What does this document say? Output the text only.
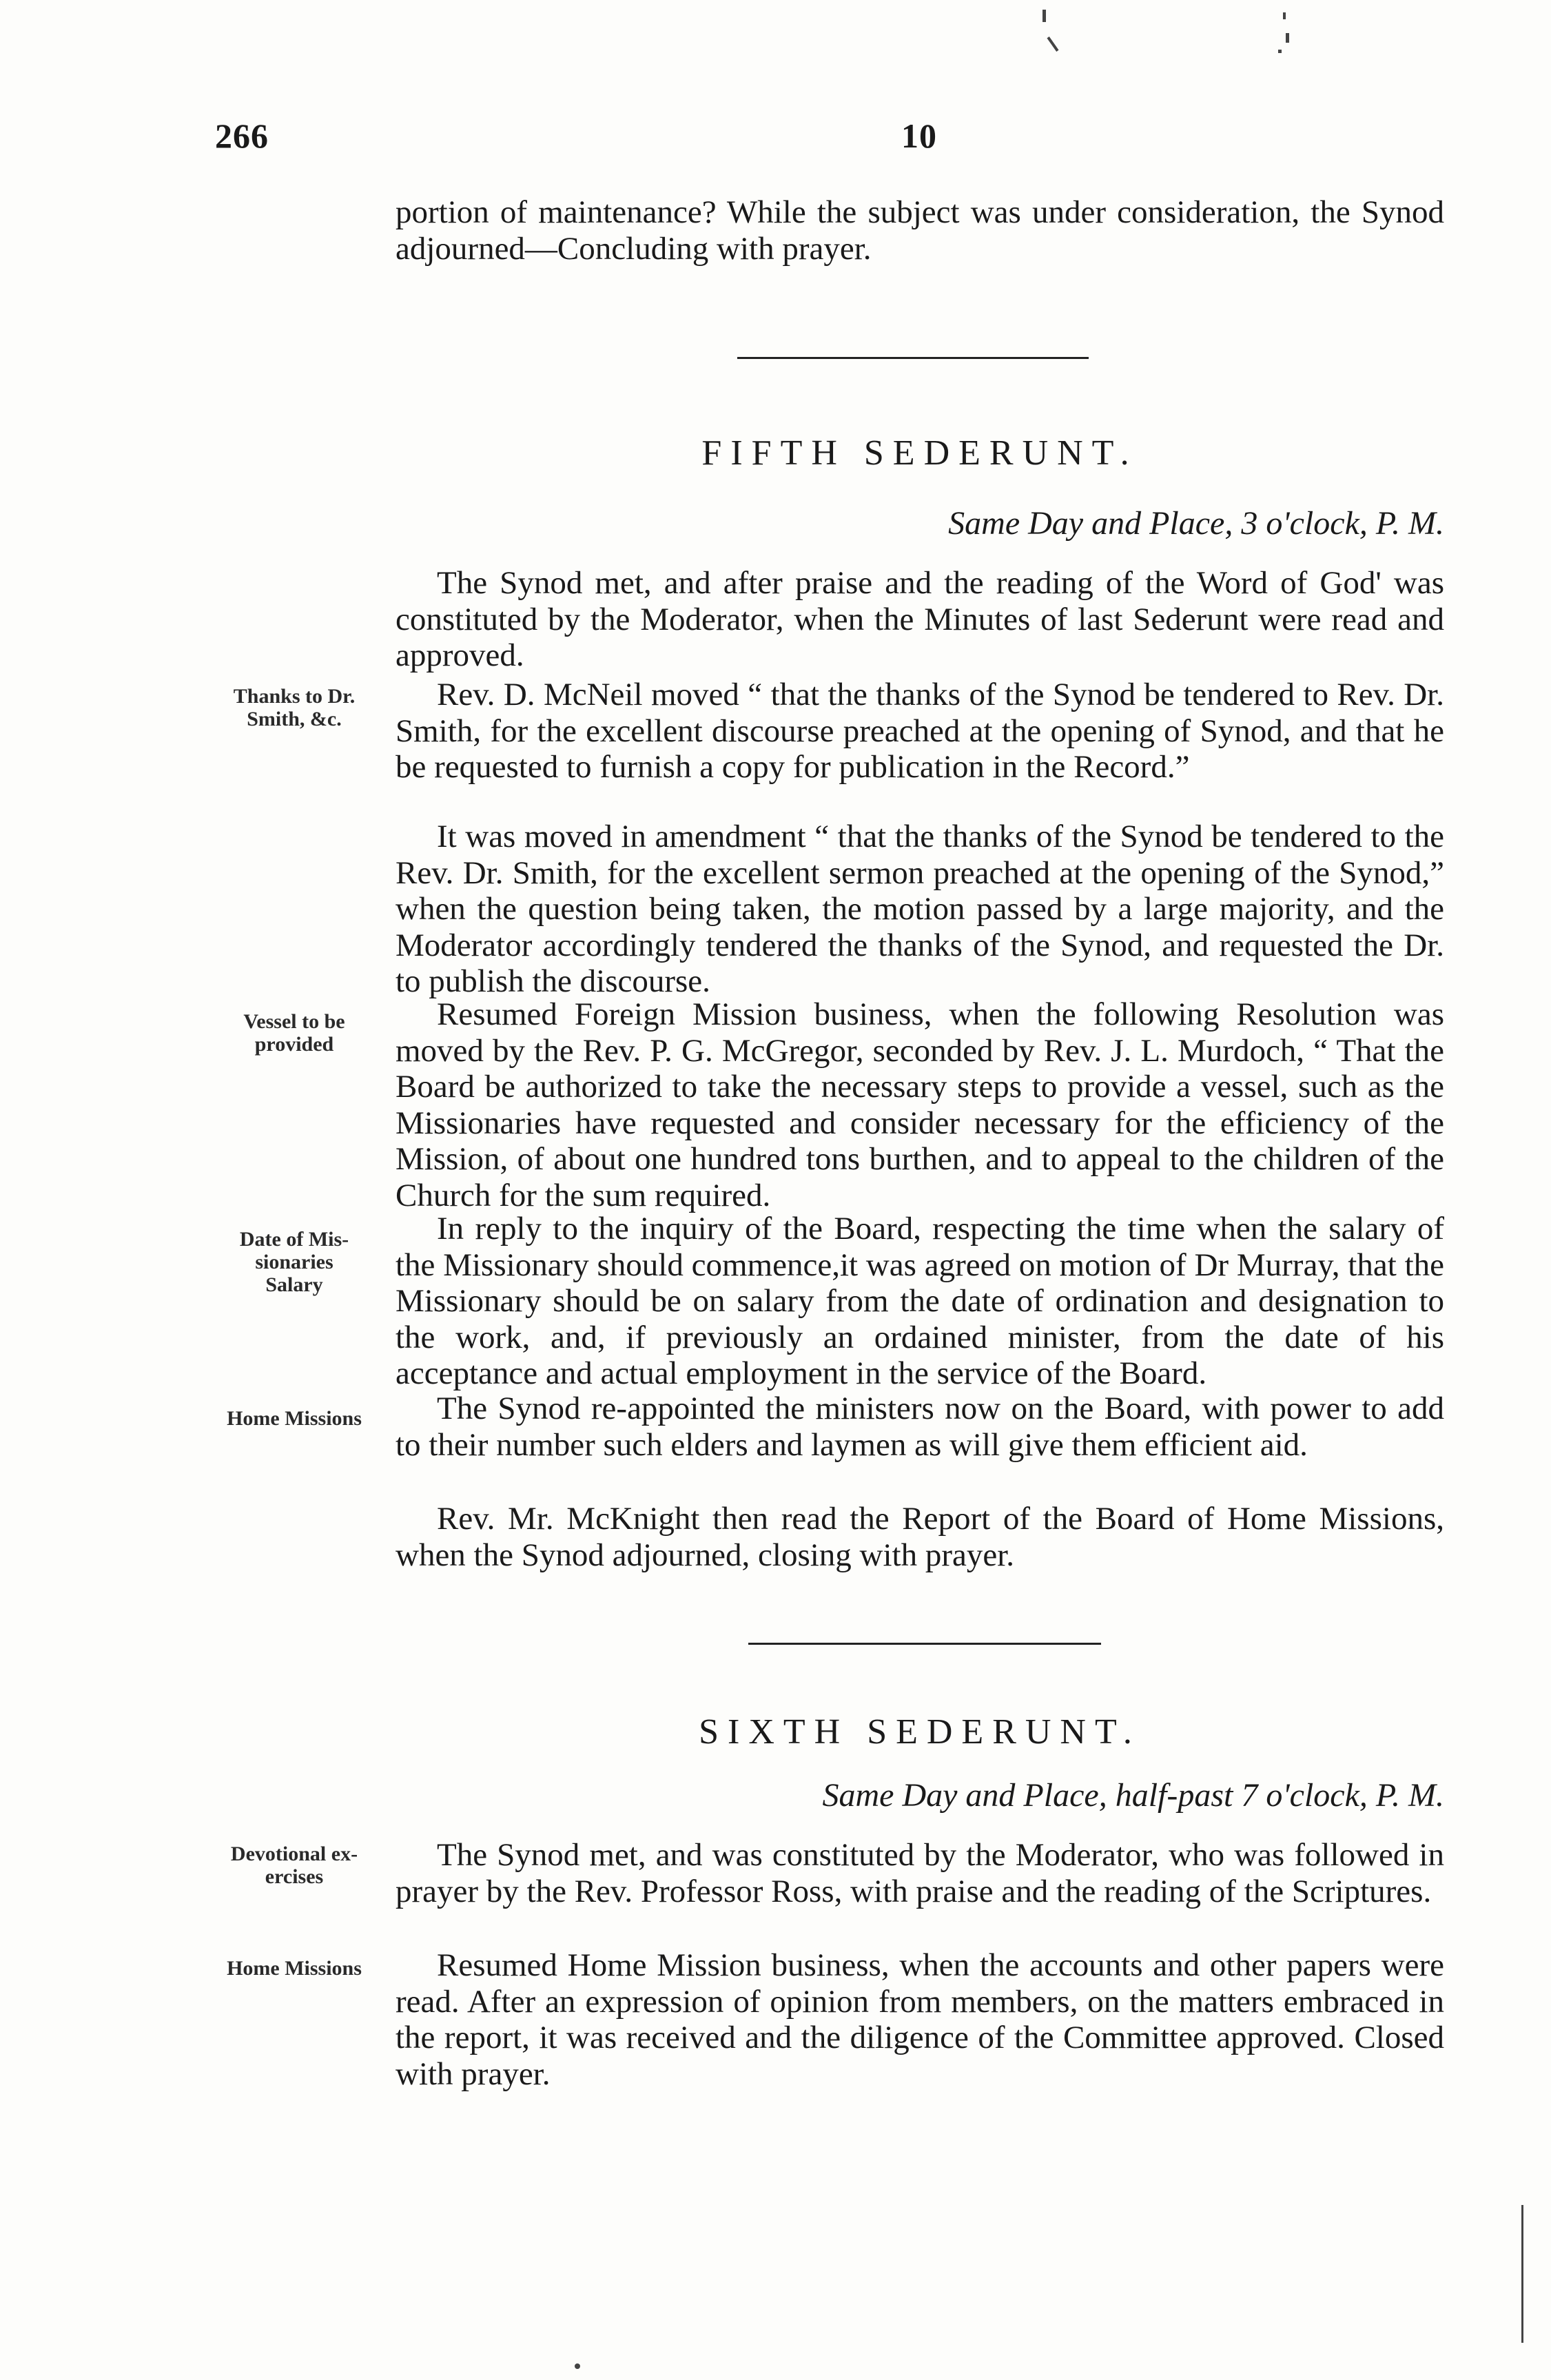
266	10
portion of maintenance? While the subject was under consideration, the Synod adjourned—Concluding with prayer.
FIFTH SEDERUNT.
Same Day and Place, 3 o'clock, P. M.
The Synod met, and after praise and the reading of the Word of God' was constituted by the Moderator, when the Minutes of last Sederunt were read and approved.
Rev. D. McNeil moved “ that the thanks of the Synod be tendered to Rev. Dr. Smith, for the excellent discourse preached at the opening of Synod, and that he be requested to furnish a copy for publication in the Record.”
It was moved in amendment “ that the thanks of the Synod be tendered to the Rev. Dr. Smith, for the excellent sermon preached at the opening of the Synod,” when the question being taken, the motion passed by a large majority, and the Moderator accordingly tendered the thanks of the Synod, and requested the Dr. to publish the discourse.
Resumed Foreign Mission business, when the following Resolution was moved by the Rev. P. G. McGregor, seconded by Rev. J. L. Murdoch, “ That the Board be authorized to take the necessary steps to provide a vessel, such as the Missionaries have requested and consider necessary for the efficiency of the Mission, of about one hundred tons burthen, and to appeal to the children of the Church for the sum required.
In reply to the inquiry of the Board, respecting the time when the salary of the Missionary should commence,it was agreed on motion of Dr Murray, that the Missionary should be on salary from the date of ordination and designation to the work, and, if previously an ordained minister, from the date of his acceptance and actual employment in the service of the Board.
The Synod re-appointed the ministers now on the Board, with power to add to their number such elders and laymen as will give them efficient aid.
Rev. Mr. McKnight then read the Report of the Board of Home Missions, when the Synod adjourned, closing with prayer.
Thanks to Dr.
Smith, &c.
Vessel to be
provided
Date of Mis-
sionaries
Salary
Home Missions
SIXTH SEDERUNT.
Same Day and Place, half-past 7 o'clock, P. M.
The Synod met, and was constituted by the Moderator, who was followed in prayer by the Rev. Professor Ross, with praise and the reading of the Scriptures.
Resumed Home Mission business, when the accounts and other papers were read. After an expression of opinion from members, on the matters embraced in the report, it was received and the diligence of the Committee approved. Closed with prayer.
Devotional ex-
ercises
Home Missions
